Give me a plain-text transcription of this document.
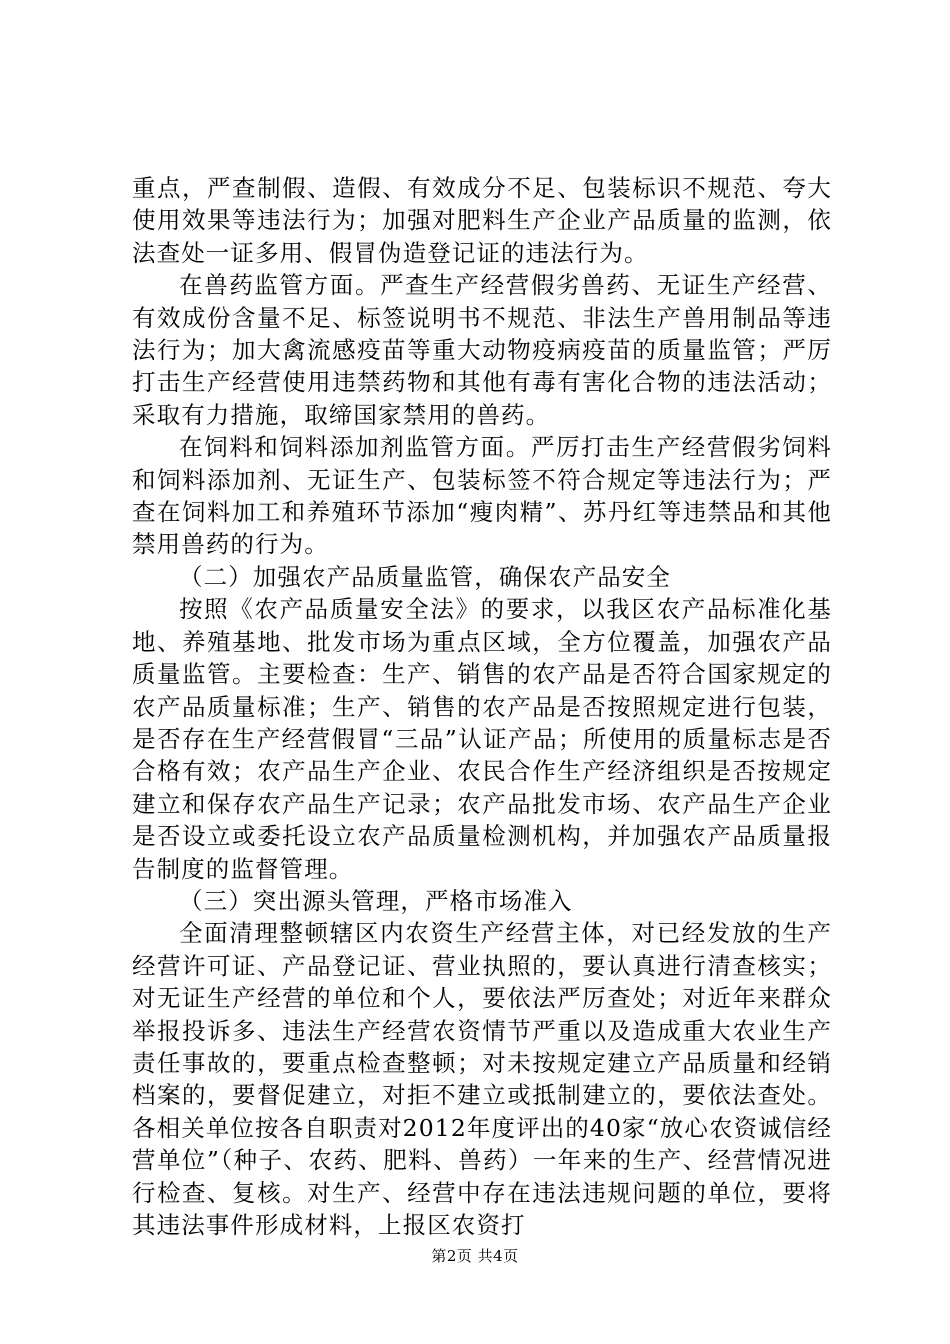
重点，严查制假、造假、有效成分不足、包装标识不规范、夸大使用效果等违法行为；加强对肥料生产企业产品质量的监测，依法查处一证多用、假冒伪造登记证的违法行为。

在兽药监管方面。严查生产经营假劣兽药、无证生产经营、有效成份含量不足、标签说明书不规范、非法生产兽用制品等违法行为；加大禽流感疫苗等重大动物疫病疫苗的质量监管；严厉打击生产经营使用违禁药物和其他有毒有害化合物的违法活动；采取有力措施，取缔国家禁用的兽药。

在饲料和饲料添加剂监管方面。严厉打击生产经营假劣饲料和饲料添加剂、无证生产、包装标签不符合规定等违法行为；严查在饲料加工和养殖环节添加“瘦肉精”、苏丹红等违禁品和其他禁用兽药的行为。

（二）加强农产品质量监管，确保农产品安全

按照《农产品质量安全法》的要求，以我区农产品标准化基地、养殖基地、批发市场为重点区域，全方位覆盖，加强农产品质量监管。主要检查：生产、销售的农产品是否符合国家规定的农产品质量标准；生产、销售的农产品是否按照规定进行包装，是否存在生产经营假冒“三品”认证产品；所使用的质量标志是否合格有效；农产品生产企业、农民合作生产经济组织是否按规定建立和保存农产品生产记录；农产品批发市场、农产品生产企业是否设立或委托设立农产品质量检测机构，并加强农产品质量报告制度的监督管理。

（三）突出源头管理，严格市场准入

全面清理整顿辖区内农资生产经营主体，对已经发放的生产经营许可证、产品登记证、营业执照的，要认真进行清查核实；对无证生产经营的单位和个人，要依法严厉查处；对近年来群众举报投诉多、违法生产经营农资情节严重以及造成重大农业生产责任事故的，要重点检查整顿；对未按规定建立产品质量和经销档案的，要督促建立，对拒不建立或抵制建立的，要依法查处。各相关单位按各自职责对2012年度评出的40家“放心农资诚信经营单位”（种子、农药、肥料、兽药）一年来的生产、经营情况进行检查、复核。对生产、经营中存在违法违规问题的单位，要将其违法事件形成材料，上报区农资打

第2页 共4页
